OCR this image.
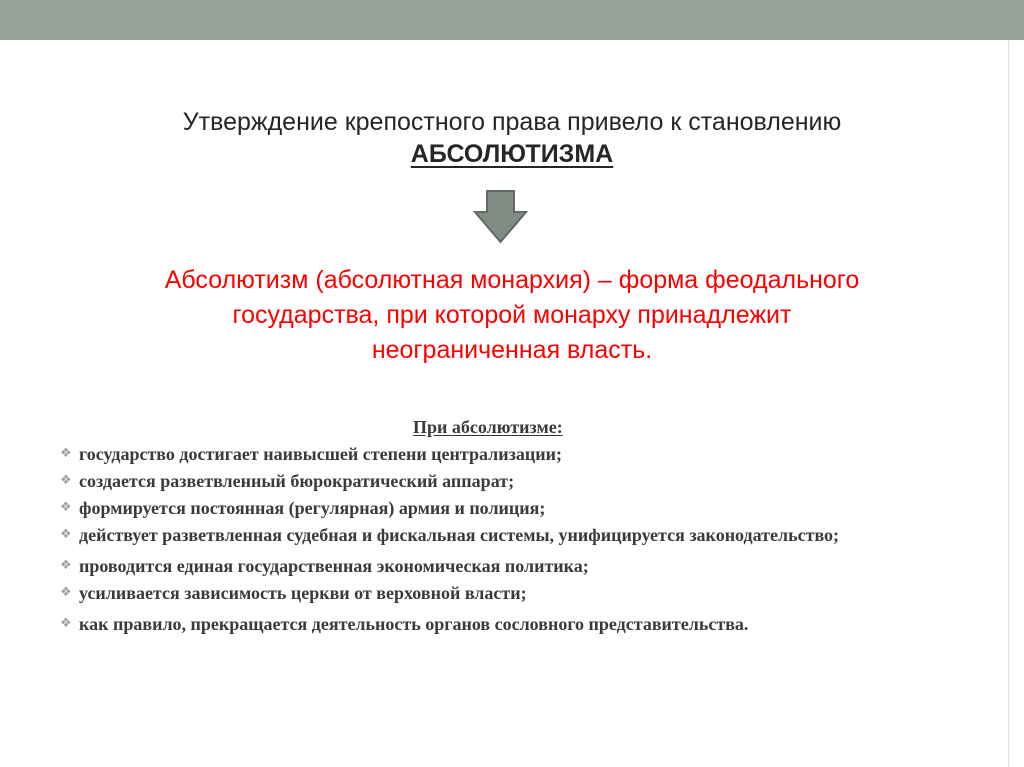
Утверждение крепостного права привело к становлению
АБСОЛЮТИЗМА
Абсолютизм (абсолютная монархия) – форма феодального
государства, при которой монарху принадлежит
неограниченная власть.
При абсолютизме:
❖ государство достигает наивысшей степени централизации;
❖ создается разветвленный бюрократический аппарат;
❖ формируется постоянная (регулярная) армия и полиция;
❖ действует разветвленная судебная и фискальная системы, унифицируется законодательство;
❖ проводится единая государственная экономическая политика;
❖ усиливается зависимость церкви от верховной власти;
❖ как правило, прекращается деятельность органов сословного представительства.
